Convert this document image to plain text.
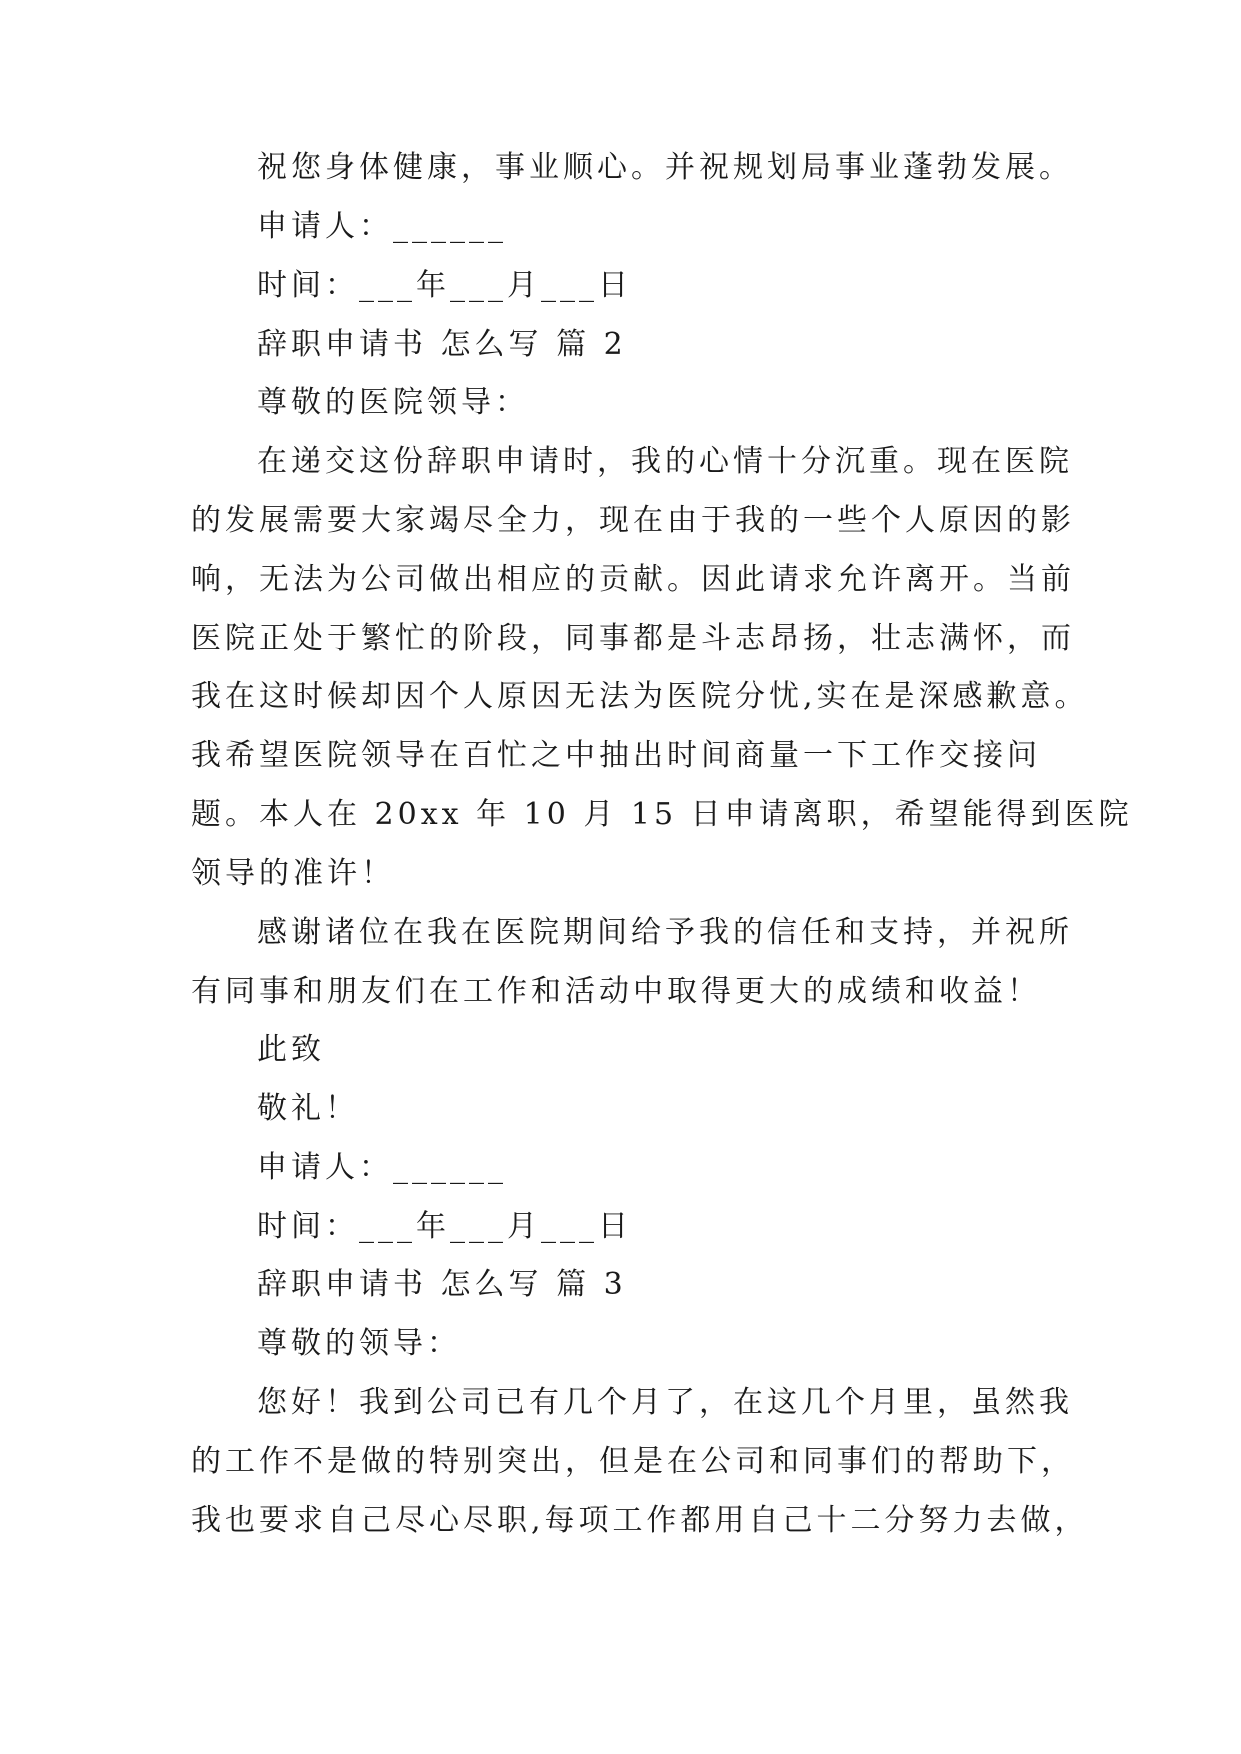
祝您身体健康，事业顺心。并祝规划局事业蓬勃发展。
申请人：______
时间：___年___月___日
辞职申请书 怎么写 篇 2
尊敬的医院领导：
在递交这份辞职申请时，我的心情十分沉重。现在医院
的发展需要大家竭尽全力，现在由于我的一些个人原因的影
响，无法为公司做出相应的贡献。因此请求允许离开。当前
医院正处于繁忙的阶段，同事都是斗志昂扬，壮志满怀，而
我在这时候却因个人原因无法为医院分忧,实在是深感歉意。
我希望医院领导在百忙之中抽出时间商量一下工作交接问
题。本人在 20xx 年 10 月 15 日申请离职，希望能得到医院
领导的准许！
感谢诸位在我在医院期间给予我的信任和支持，并祝所
有同事和朋友们在工作和活动中取得更大的成绩和收益！
此致
敬礼！
申请人：______
时间：___年___月___日
辞职申请书 怎么写 篇 3
尊敬的领导：
您好！我到公司已有几个月了，在这几个月里，虽然我
的工作不是做的特别突出，但是在公司和同事们的帮助下，
我也要求自己尽心尽职,每项工作都用自己十二分努力去做，
